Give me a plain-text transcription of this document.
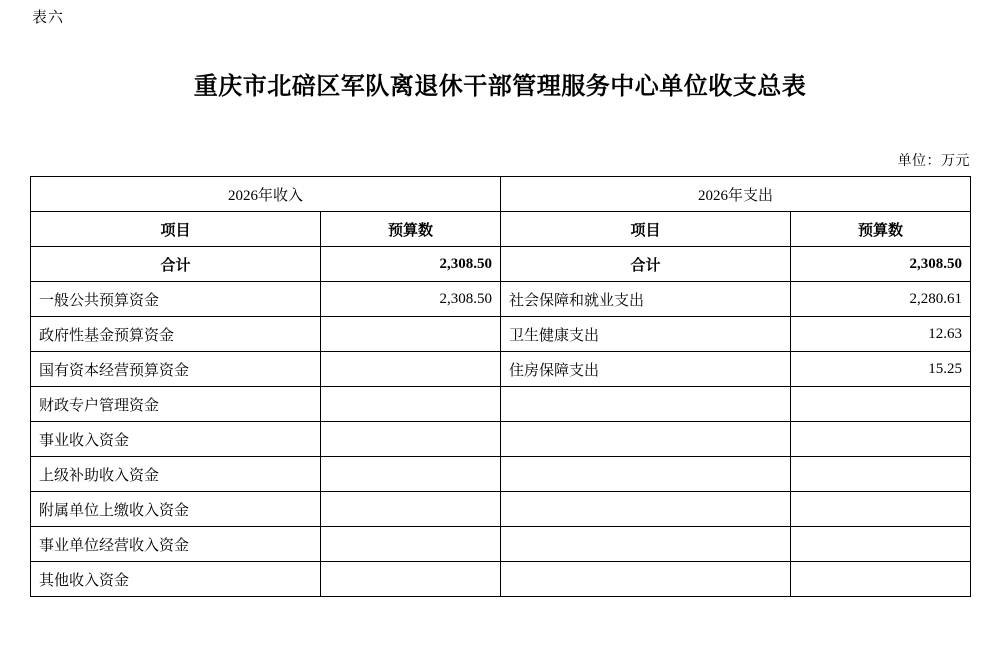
表六
重庆市北碚区军队离退休干部管理服务中心单位收支总表
单位：万元
2026年收入		2026年支出	
项目	预算数	项目	预算数
合计	2,308.50	合计	2,308.50
一般公共预算资金	2,308.50	社会保障和就业支出	2,280.61
政府性基金预算资金		卫生健康支出	12.63
国有资本经营预算资金		住房保障支出	15.25
财政专户管理资金			
事业收入资金			
上级补助收入资金			
附属单位上缴收入资金			
事业单位经营收入资金			
其他收入资金			
